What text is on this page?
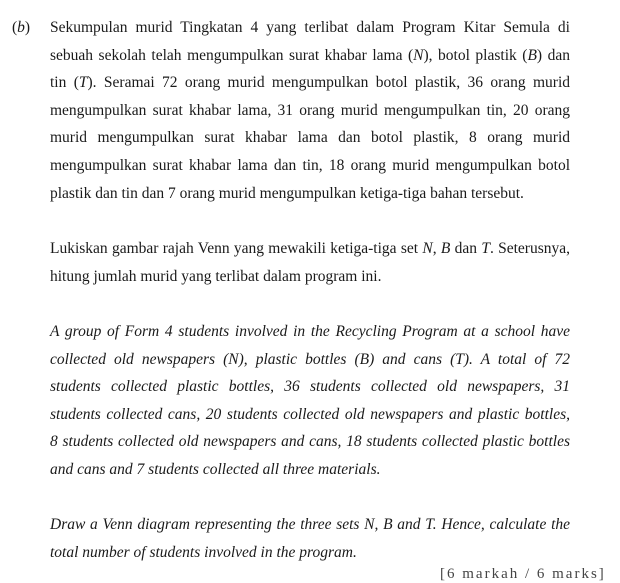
(b) Sekumpulan murid Tingkatan 4 yang terlibat dalam Program Kitar Semula di
sebuah sekolah telah mengumpulkan surat khabar lama (N), botol plastik (B) dan
tin (T). Seramai 72 orang murid mengumpulkan botol plastik, 36 orang murid
mengumpulkan surat khabar lama, 31 orang murid mengumpulkan tin, 20 orang
murid mengumpulkan surat khabar lama dan botol plastik, 8 orang murid
mengumpulkan surat khabar lama dan tin, 18 orang murid mengumpulkan botol
plastik dan tin dan 7 orang murid mengumpulkan ketiga-tiga bahan tersebut.
Lukiskan gambar rajah Venn yang mewakili ketiga-tiga set N, B dan T. Seterusnya,
hitung jumlah murid yang terlibat dalam program ini.
A group of Form 4 students involved in the Recycling Program at a school have
collected old newspapers (N), plastic bottles (B) and cans (T). A total of 72
students collected plastic bottles, 36 students collected old newspapers, 31
students collected cans, 20 students collected old newspapers and plastic bottles,
8 students collected old newspapers and cans, 18 students collected plastic bottles
and cans and 7 students collected all three materials.
Draw a Venn diagram representing the three sets N, B and T. Hence, calculate the
total number of students involved in the program.
[6 markah / 6 marks]
